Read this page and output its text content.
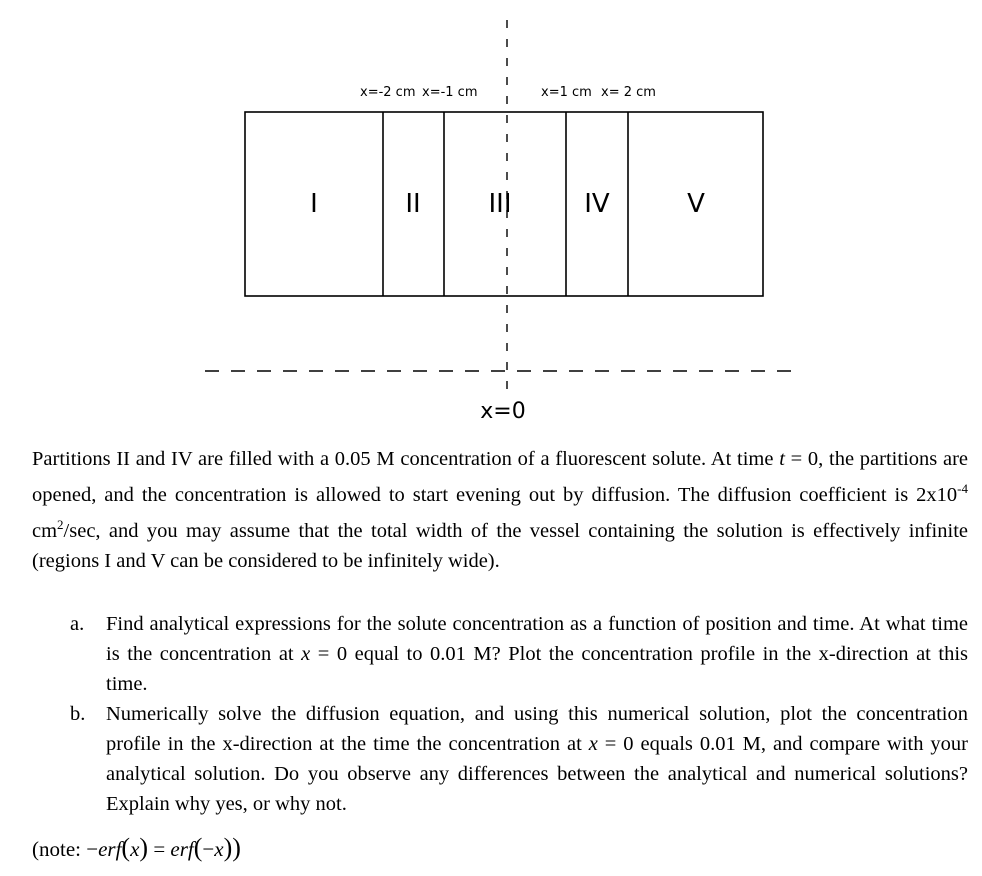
x=-2 cm x=-1 cm	x=1 cm x= 2 cm
I	II	III	IV	V
x=0

Partitions II and IV are filled with a 0.05 M concentration of a fluorescent solute. At time t = 0, the partitions are opened, and the concentration is allowed to start evening out by diffusion. The diffusion coefficient is $2x10^{-4}$ $cm^2/\sec$, and you may assume that the total width of the vessel containing the solution is effectively infinite (regions I and V can be considered to be infinitely wide).

a. Find analytical expressions for the solute concentration as a function of position and time. At what time is the concentration at x = 0 equal to 0.01 M? Plot the concentration profile in the x-direction at this time.
b. Numerically solve the diffusion equation, and using this numerical solution, plot the concentration profile in the x-direction at the time the concentration at x = 0 equals 0.01 M, and compare with your analytical solution. Do you observe any differences between the analytical and numerical solutions? Explain why yes, or why not.

(note: −erf(x) = erf(−x))
